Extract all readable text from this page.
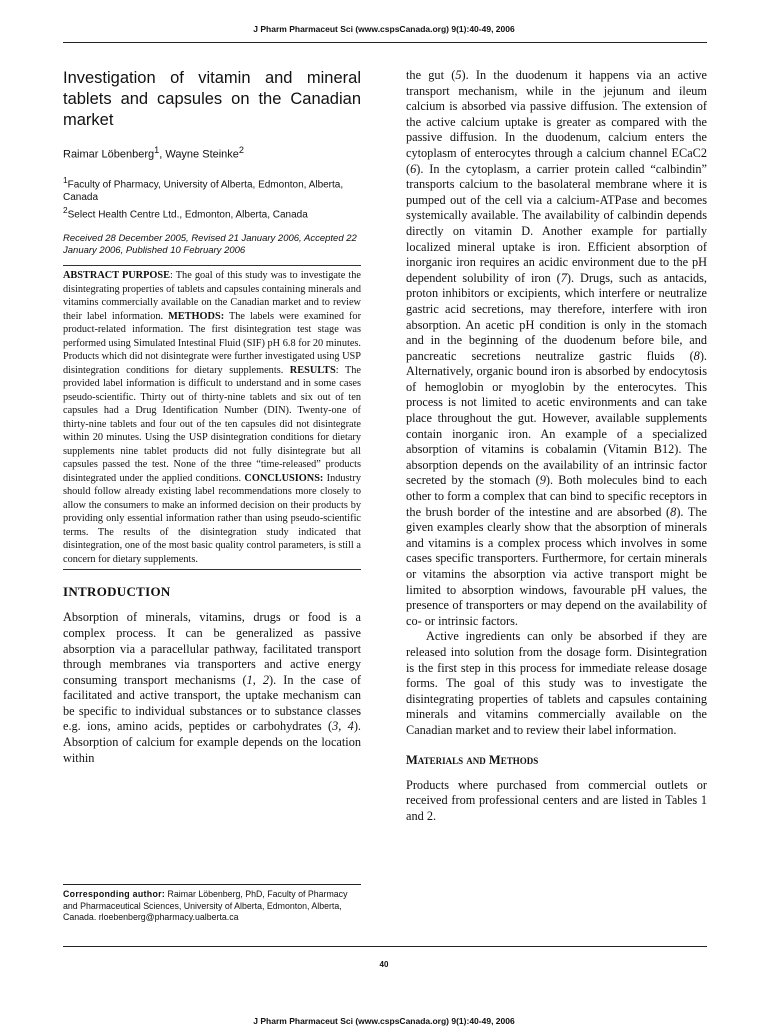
J Pharm Pharmaceut Sci (www.cspsCanada.org) 9(1):40-49, 2006
Investigation of vitamin and mineral tablets and capsules on the Canadian market

Raimar Löbenberg$^1$, Wayne Steinke$^2$

$^1$Faculty of Pharmacy, University of Alberta, Edmonton, Alberta, Canada

$^2$Select Health Centre Ltd., Edmonton, Alberta, Canada

Received 28 December 2005, Revised 21 January 2006, Accepted 22 January 2006, Published 10 February 2006

ABSTRACT PURPOSE: The goal of this study was to investigate the disintegrating properties of tablets and capsules containing minerals and vitamins commercially available on the Canadian market and to review their label information. METHODS: The labels were examined for product-related information. The first disintegration test stage was performed using Simulated Intestinal Fluid (SIF) pH 6.8 for 20 minutes. Products which did not disintegrate were further investigated using USP disintegration conditions for dietary supplements. RESULTS: The provided label information is difficult to understand and in some cases pseudo-scientific. Thirty out of thirty-nine tablets and six out of ten capsules had a Drug Identification Number (DIN). Twenty-one of thirty-nine tablets and four out of the ten capsules did not disintegrate within 20 minutes. Using the USP disintegration conditions for dietary supplements nine tablet products did not fully disintegrate but all capsules passed the test. None of the three “time-released” products disintegrated under the applied conditions. CONCLUSIONS: Industry should follow already existing label recommendations more closely to allow the consumers to make an informed decision on their products by providing only essential information rather than using pseudo-scientific terms. The results of the disintegration study indicated that disintegration, one of the most basic quality control parameters, is still a concern for dietary supplements.
INTRODUCTION

Absorption of minerals, vitamins, drugs or food is a complex process. It can be generalized as passive absorption via a paracellular pathway, facilitated transport through membranes via transporters and active energy consuming transport mechanisms (1, 2). In the case of facilitated and active transport, the uptake mechanism can be specific to individual substances or to substance classes e.g. ions, amino acids, peptides or carbohydrates (3, 4). Absorption of calcium for example depends on the location within

Corresponding author: Raimar Löbenberg, PhD, Faculty of Pharmacy and Pharmaceutical Sciences, University of Alberta, Edmonton, Alberta, Canada. rloebenberg@pharmacy.ualberta.ca

the gut (5). In the duodenum it happens via an active transport mechanism, while in the jejunum and ileum calcium is absorbed via passive diffusion. The extension of the active calcium uptake is greater as compared with the passive diffusion. In the duodenum, calcium enters the cytoplasm of enterocytes through a calcium channel ECaC2 (6). In the cytoplasm, a carrier protein called “calbindin” transports calcium to the basolateral membrane where it is pumped out of the cell via a calcium-ATPase and becomes systemically available. The availability of calbindin depends directly on vitamin D. Another example for partially localized mineral uptake is iron. Efficient absorption of inorganic iron requires an acidic environment due to the pH dependent solubility of iron (7). Drugs, such as antacids, proton inhibitors or excipients, which interfere or neutralize gastric acid secretions, may therefore, interfere with iron absorption. An acetic pH condition is only in the stomach and in the beginning of the duodenum before bile, and pancreatic secretions neutralize gastric fluids (8). Alternatively, organic bound iron is absorbed by endocytosis of hemoglobin or myoglobin by the enterocytes. This process is not limited to acetic environments and can take place throughout the gut. However, available supplements contain inorganic iron. An example of a specialized absorption of vitamins is cobalamin (Vitamin B12). The absorption depends on the availability of an intrinsic factor secreted by the stomach (9). Both molecules bind to each other to form a complex that can bind to specific receptors in the brush border of the intestine and are absorbed (8). The given examples clearly show that the absorption of minerals and vitamins is a complex process which involves in some cases specific transporters. Furthermore, for certain minerals or vitamins the absorption via active transport might be limited to absorption windows, favourable pH values, the presence of transporters or may depend on the availability of co- or intrinsic factors.

Active ingredients can only be absorbed if they are released into solution from the dosage form. Disintegration is the first step in this process for immediate release dosage forms. The goal of this study was to investigate the disintegrating properties of tablets and capsules containing minerals and vitamins commercially available on the Canadian market and to review their label information.

Materials and Methods

Products where purchased from commercial outlets or received from professional centers and are listed in Tables 1 and 2.

40
J Pharm Pharmaceut Sci (www.cspsCanada.org) 9(1):40-49, 2006
